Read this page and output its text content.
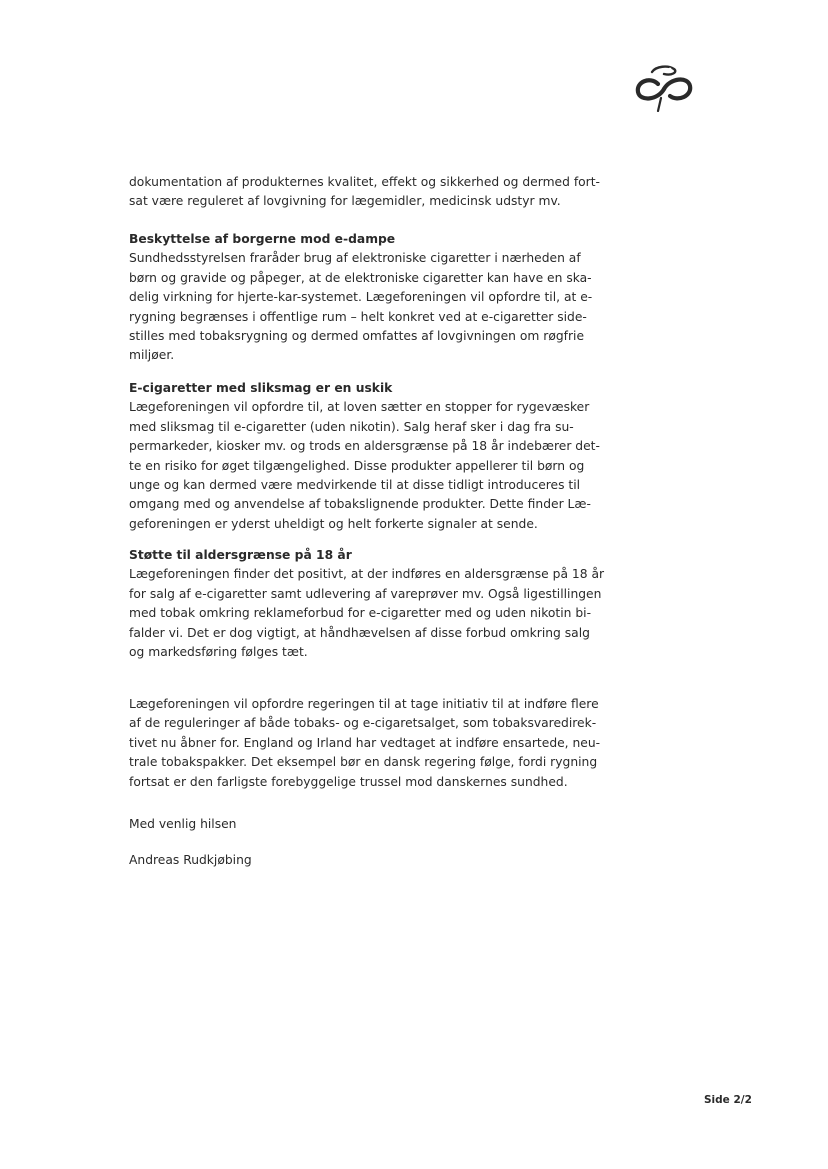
dokumentation af produkternes kvalitet, effekt og sikkerhed og dermed fort-
sat være reguleret af lovgivning for lægemidler, medicinsk udstyr mv.
Beskyttelse af borgerne mod e-dampe
Sundhedsstyrelsen fraråder brug af elektroniske cigaretter i nærheden af
børn og gravide og påpeger, at de elektroniske cigaretter kan have en ska-
delig virkning for hjerte-kar-systemet. Lægeforeningen vil opfordre til, at e-
rygning begrænses i offentlige rum – helt konkret ved at e-cigaretter side-
stilles med tobaksrygning og dermed omfattes af lovgivningen om røgfrie
miljøer.
E-cigaretter med sliksmag er en uskik
Lægeforeningen vil opfordre til, at loven sætter en stopper for rygevæsker
med sliksmag til e-cigaretter (uden nikotin). Salg heraf sker i dag fra su-
permarkeder, kiosker mv. og trods en aldersgrænse på 18 år indebærer det-
te en risiko for øget tilgængelighed. Disse produkter appellerer til børn og
unge og kan dermed være medvirkende til at disse tidligt introduceres til
omgang med og anvendelse af tobakslignende produkter. Dette finder Læ-
geforeningen er yderst uheldigt og helt forkerte signaler at sende.
Støtte til aldersgrænse på 18 år
Lægeforeningen finder det positivt, at der indføres en aldersgrænse på 18 år
for salg af e-cigaretter samt udlevering af vareprøver mv. Også ligestillingen
med tobak omkring reklameforbud for e-cigaretter med og uden nikotin bi-
falder vi. Det er dog vigtigt, at håndhævelsen af disse forbud omkring salg
og markedsføring følges tæt.
Lægeforeningen vil opfordre regeringen til at tage initiativ til at indføre flere
af de reguleringer af både tobaks- og e-cigaretsalget, som tobaksvaredirek-
tivet nu åbner for. England og Irland har vedtaget at indføre ensartede, neu-
trale tobakspakker. Det eksempel bør en dansk regering følge, fordi rygning
fortsat er den farligste forebyggelige trussel mod danskernes sundhed.
Med venlig hilsen
Andreas Rudkjøbing
Side 2/2
